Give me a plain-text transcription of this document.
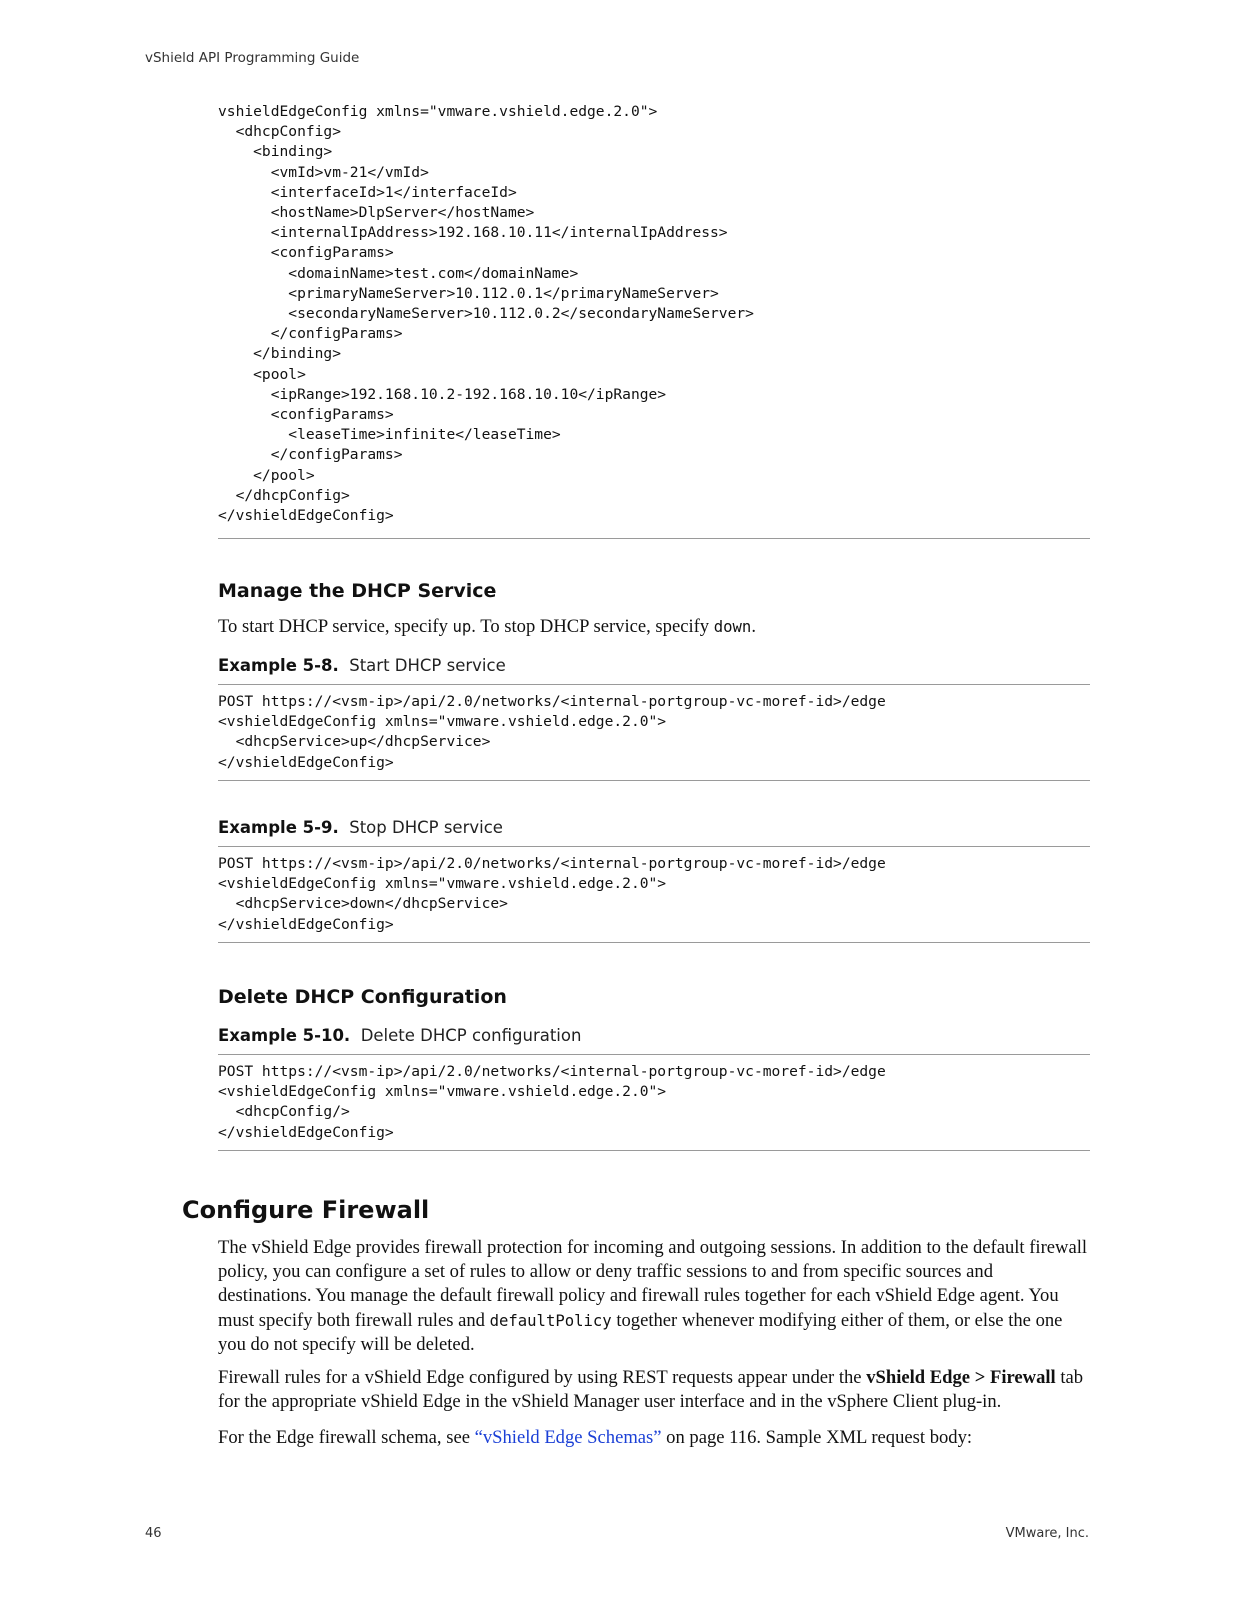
vShield API Programming Guide
vshieldEdgeConfig xmlns="vmware.vshield.edge.2.0">
<dhcpConfig>
<binding>
<vmId>vm-21</vmId>
<interfaceId>1</interfaceId>
<hostName>DlpServer</hostName>
<internalIpAddress>192.168.10.11</internalIpAddress>
<configParams>
<domainName>test.com</domainName>
<primaryNameServer>10.112.0.1</primaryNameServer>
<secondaryNameServer>10.112.0.2</secondaryNameServer>
</configParams>
</binding>
<pool>
<ipRange>192.168.10.2-192.168.10.10</ipRange>
<configParams>
<leaseTime>infinite</leaseTime>
</configParams>
</pool>
</dhcpConfig>
</vshieldEdgeConfig>
Manage the DHCP Service

To start DHCP service, specify up. To stop DHCP service, specify down.

Example 5-8. Start DHCP service

POST https://<vsm-ip>/api/2.0/networks/<internal-portgroup-vc-moref-id>/edge
<vshieldEdgeConfig xmlns="vmware.vshield.edge.2.0">
<dhcpService>up</dhcpService>
</vshieldEdgeConfig>

Example 5-9. Stop DHCP service

POST https://<vsm-ip>/api/2.0/networks/<internal-portgroup-vc-moref-id>/edge
<vshieldEdgeConfig xmlns="vmware.vshield.edge.2.0">
<dhcpService>down</dhcpService>
</vshieldEdgeConfig>
Delete DHCP Configuration

Example 5-10. Delete DHCP configuration

POST https://<vsm-ip>/api/2.0/networks/<internal-portgroup-vc-moref-id>/edge
<vshieldEdgeConfig xmlns="vmware.vshield.edge.2.0">
<dhcpConfig/>
</vshieldEdgeConfig>
Configure Firewall

The vShield Edge provides firewall protection for incoming and outgoing sessions. In addition to the default firewall policy, you can configure a set of rules to allow or deny traffic sessions to and from specific sources and destinations. You manage the default firewall policy and firewall rules together for each vShield Edge agent. You must specify both firewall rules and defaultPolicy together whenever modifying either of them, or else the one you do not specify will be deleted.

Firewall rules for a vShield Edge configured by using REST requests appear under the vShield Edge > Firewall tab for the appropriate vShield Edge in the vShield Manager user interface and in the vSphere Client plug-in.

For the Edge firewall schema, see “vShield Edge Schemas” on page 116. Sample XML request body:

46	VMware, Inc.
